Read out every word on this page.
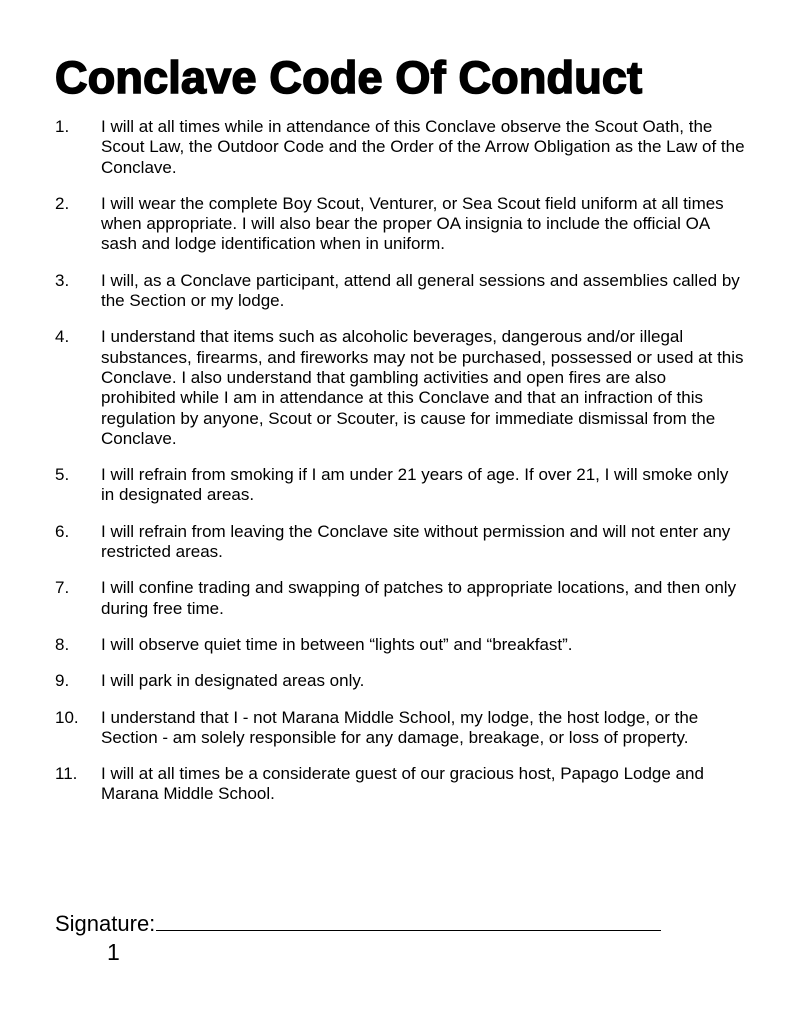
Conclave Code Of Conduct
1.	I will at all times while in attendance of this Conclave observe the Scout Oath, the Scout Law, the Outdoor Code and the Order of the Arrow Obligation as the Law of the Conclave.
2.	I will wear the complete Boy Scout, Venturer, or Sea Scout field uniform at all times when appropriate. I will also bear the proper OA insignia to include the official OA sash and lodge identification when in uniform.
3.	I will, as a Conclave participant, attend all general sessions and assemblies called by the Section or my lodge.
4.	I understand that items such as alcoholic beverages, dangerous and/or illegal substances, firearms, and fireworks may not be purchased, possessed or used at this Conclave. I also understand that gambling activities and open fires are also prohibited while I am in attendance at this Conclave and that an infraction of this regulation by anyone, Scout or Scouter, is cause for immediate dismissal from the Conclave.
5.	I will refrain from smoking if I am under 21 years of age. If over 21, I will smoke only in designated areas.
6.	I will refrain from leaving the Conclave site without permission and will not enter any restricted areas.
7.	I will confine trading and swapping of patches to appropriate locations, and then only during free time.
8.	I will observe quiet time in between “lights out” and “breakfast”.
9.	I will park in designated areas only.
10.	I understand that I - not Marana Middle School, my lodge, the host lodge, or the Section - am solely responsible for any damage, breakage, or loss of property.
11.	I will at all times be a considerate guest of our gracious host, Papago Lodge and Marana Middle School.
Signature:
1
